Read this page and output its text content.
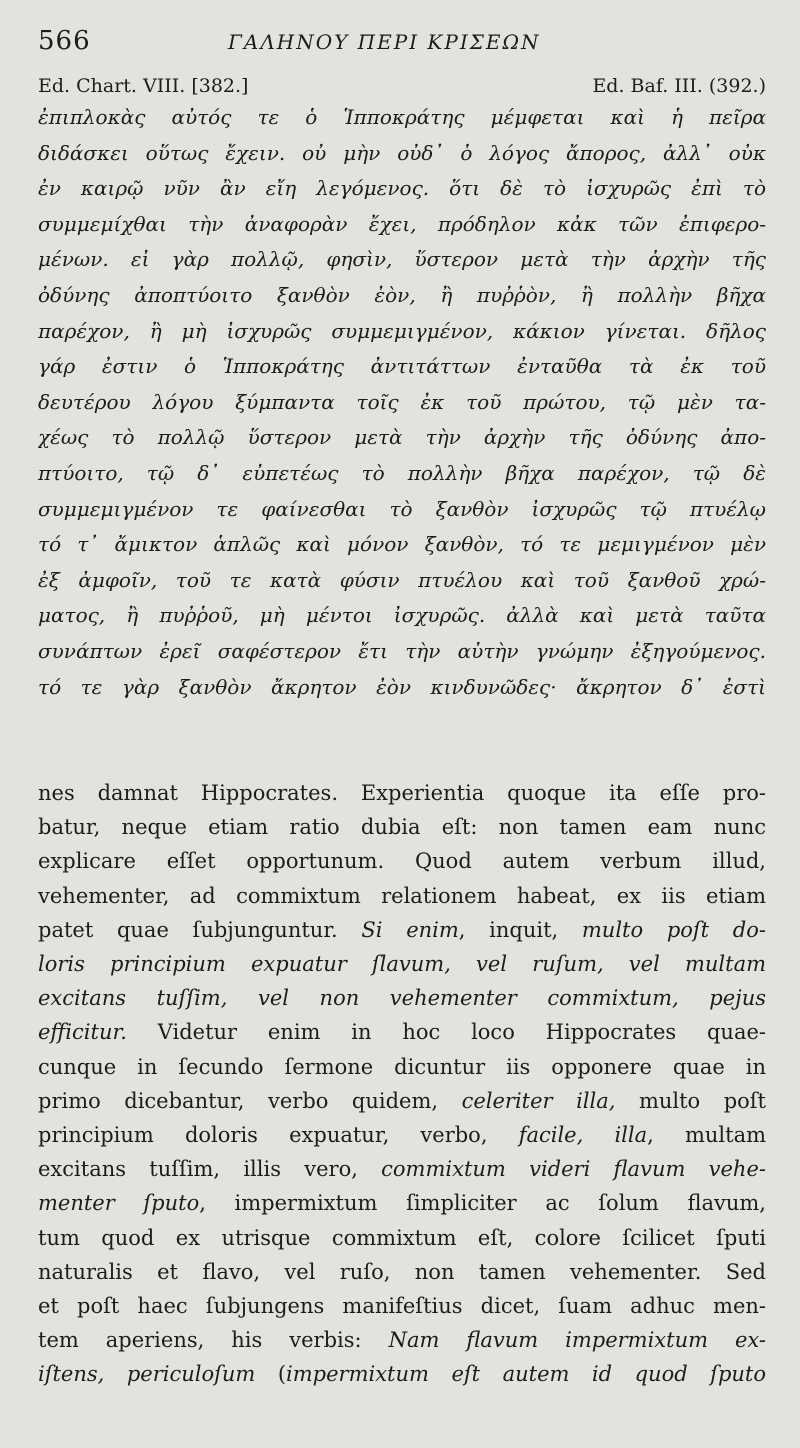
566	ΓΑΛΗΝΟΥ ΠΕΡΙ ΚΡΙΣΕΩΝ
Ed. Chart. VIII. [382.]	Ed. Baf. III. (392.)
ἐπιπλοκὰς αὐτός τε ὁ Ἱπποκράτης μέμφεται καὶ ἡ πεῖρα
διδάσκει οὕτως ἔχειν. οὐ μὴν οὐδ᾽ ὁ λόγος ἄπορος, ἀλλ᾽ οὐκ
ἐν καιρῷ νῦν ἂν εἴη λεγόμενος. ὅτι δὲ τὸ ἰσχυρῶς ἐπὶ τὸ
συμμεμίχθαι τὴν ἀναφορὰν ἔχει, πρόδηλον κἀκ τῶν ἐπιφερο-
μένων. εἰ γὰρ πολλῷ, φησὶν, ὕστερον μετὰ τὴν ἀρχὴν τῆς
ὀδύνης ἀποπτύοιτο ξανθὸν ἐὸν, ἢ πυῤῥὸν, ἢ πολλὴν βῆχα
παρέχον, ἢ μὴ ἰσχυρῶς συμμεμιγμένον, κάκιον γίνεται. δῆλος
γάρ ἐστιν ὁ Ἱπποκράτης ἀντιτάττων ἐνταῦθα τὰ ἐκ τοῦ
δευτέρου λόγου ξύμπαντα τοῖς ἐκ τοῦ πρώτου, τῷ μὲν τα-
χέως τὸ πολλῷ ὕστερον μετὰ τὴν ἀρχὴν τῆς ὀδύνης ἀπο-
πτύοιτο, τῷ δ᾽ εὐπετέως τὸ πολλὴν βῆχα παρέχον, τῷ δὲ
συμμεμιγμένον τε φαίνεσθαι τὸ ξανθὸν ἰσχυρῶς τῷ πτυέλῳ
τό τ᾽ ἄμικτον ἁπλῶς καὶ μόνον ξανθὸν, τό τε μεμιγμένον μὲν
ἐξ ἀμφοῖν, τοῦ τε κατὰ φύσιν πτυέλου καὶ τοῦ ξανθοῦ χρώ-
ματος, ἢ πυῤῥοῦ, μὴ μέντοι ἰσχυρῶς. ἀλλὰ καὶ μετὰ ταῦτα
συνάπτων ἐρεῖ σαφέστερον ἔτι τὴν αὐτὴν γνώμην ἐξηγούμενος.
τό τε γὰρ ξανθὸν ἄκρητον ἐὸν κινδυνῶδες· ἄκρητον δ᾽ ἐστὶ
nes damnat Hippocrates. Experientia quoque ita eſſe pro-
batur, neque etiam ratio dubia eſt: non tamen eam nunc
explicare eſſet opportunum. Quod autem verbum illud,
vehementer, ad commixtum relationem habeat, ex iis etiam
patet quae ſubjunguntur. Si enim, inquit, multo poſt do-
loris principium expuatur ſlavum, vel ruſum, vel multam
excitans tuſſim, vel non vehementer commixtum, pejus
efficitur. Videtur enim in hoc loco Hippocrates quae-
cunque in ſecundo ſermone dicuntur iis opponere quae in
primo dicebantur, verbo quidem, celeriter illa, multo poſt
principium doloris expuatur, verbo, facile, illa, multam
excitans tuſſim, illis vero, commixtum videri flavum vehe-
menter ſputo, impermixtum ſimpliciter ac ſolum flavum,
tum quod ex utrisque commixtum eſt, colore ſcilicet ſputi
naturalis et flavo, vel ruſo, non tamen vehementer. Sed
et poſt haec ſubjungens manifeſtius dicet, ſuam adhuc men-
tem aperiens, his verbis: Nam flavum impermixtum ex-
iſtens, periculoſum (impermixtum eſt autem id quod ſputo
